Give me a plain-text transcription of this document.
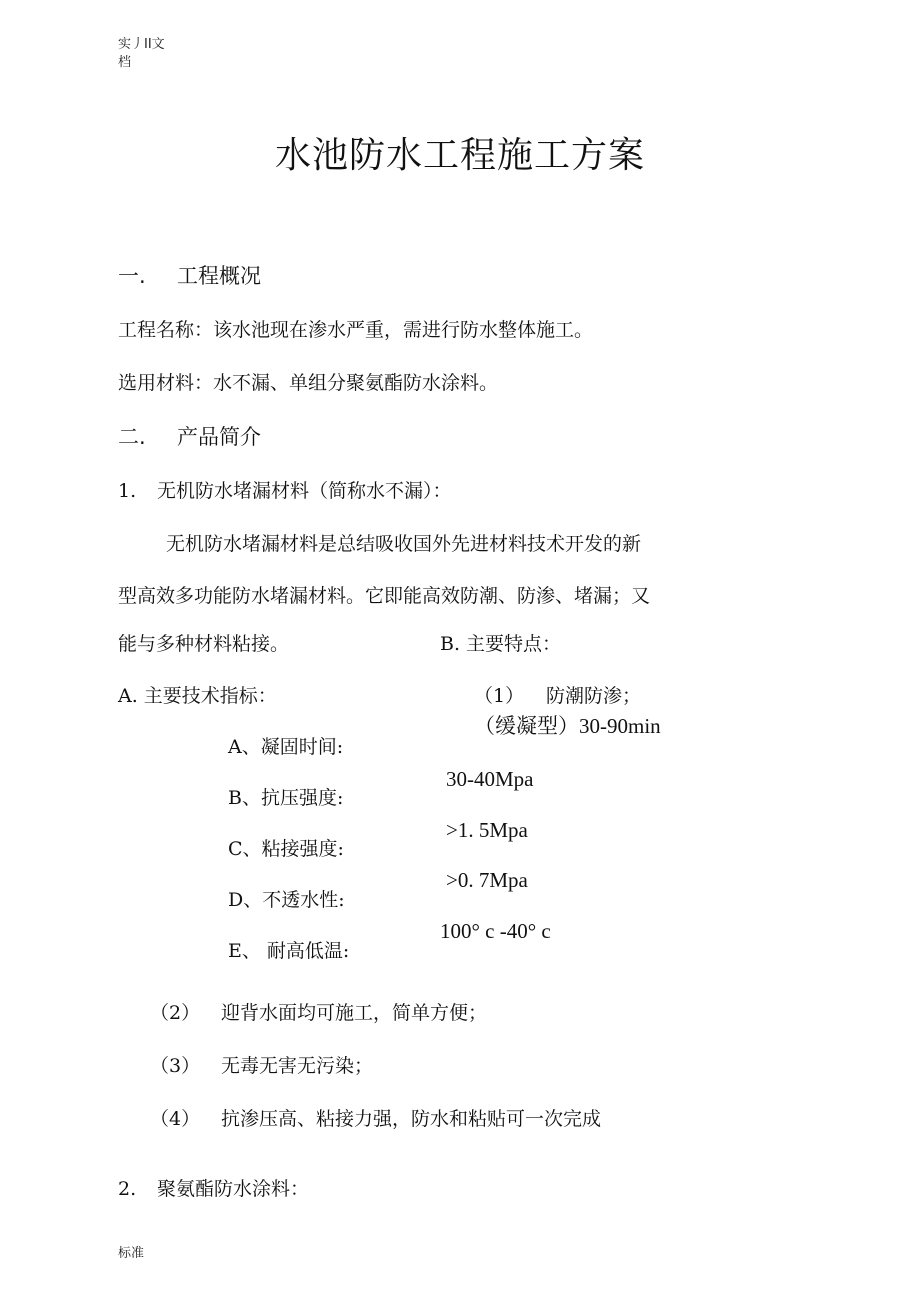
实丿II文
档
水池防水工程施工方案
一. 工程概况
工程名称：该水池现在渗水严重，需进行防水整体施工。
选用材料：水不漏、单组分聚氨酯防水涂料。
二. 产品简介
1. 无机防水堵漏材料（简称水不漏）：
无机防水堵漏材料是总结吸收国外先进材料技术开发的新
型高效多功能防水堵漏材料。它即能高效防潮、防渗、堵漏；又
能与多种材料粘接。	B. 主要特点：
A. 主要技术指标：	（1） 防潮防渗；
A、凝固时间:
（缓凝型）30-90min
B、抗压强度:
30-40Mpa
C、粘接强度:
>1. 5Mpa
D、不透水性:
>0. 7Mpa
E、 耐高低温:
100° c -40° c
（2） 迎背水面均可施工，简单方便；
（3） 无毒无害无污染；
（4） 抗渗压高、粘接力强，防水和粘贴可一次完成
2. 聚氨酯防水涂料：
标准
